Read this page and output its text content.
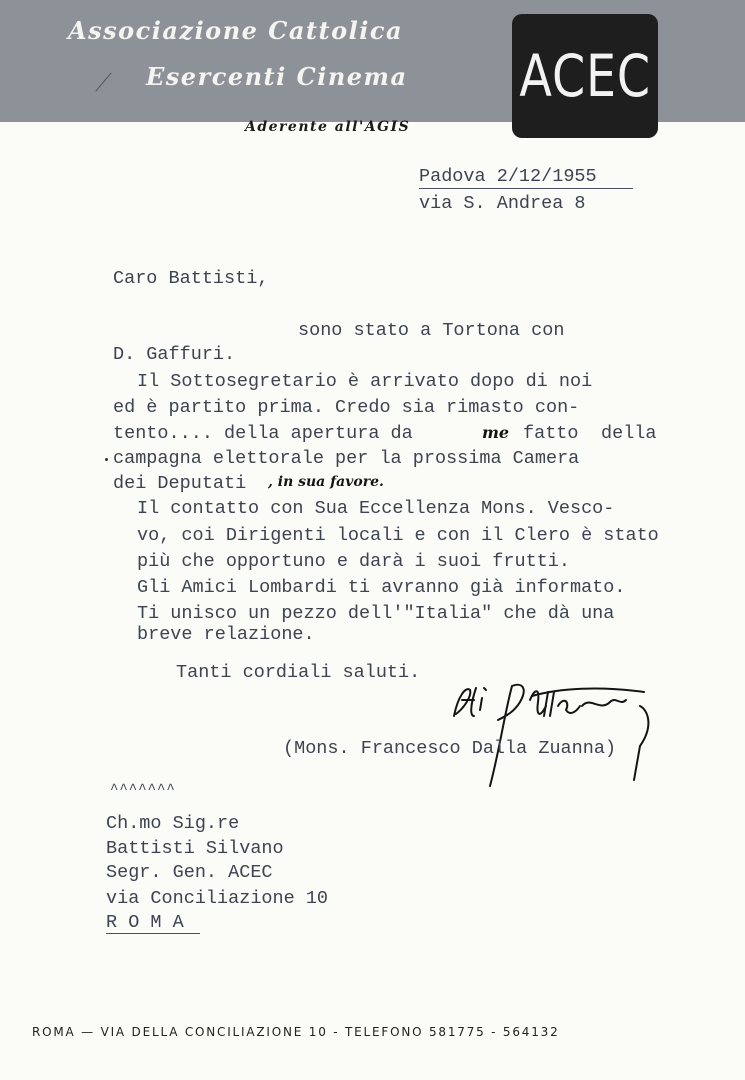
Associazione Cattolica
Esercenti Cinema
Aderente all'AGIS
ACEC
Padova 2/12/1955
via S. Andrea 8
Caro Battisti,
sono stato a Tortona con
D. Gaffuri.
Il Sottosegretario è arrivato dopo di noi
ed è partito prima. Credo sia rimasto con-
tento.... della apertura da	me fatto della
campagna elettorale per la prossima Camera
dei Deputati , in sua favore.
Il contatto con Sua Eccellenza Mons. Vesco-
vo, coi Dirigenti locali e con il Clero è stato
più che opportuno e darà i suoi frutti.
Gli Amici Lombardi ti avranno già informato.
Ti unisco un pezzo dell'"Italia" che dà una
breve relazione.
Tanti cordiali saluti.
(Mons. Francesco Dalla Zuanna)
^^^^^^^
Ch.mo Sig.re
Battisti Silvano
Segr. Gen. ACEC
via Conciliazione 10
R O M A
ROMA — VIA DELLA CONCILIAZIONE 10 - TELEFONO 581775 - 564132
